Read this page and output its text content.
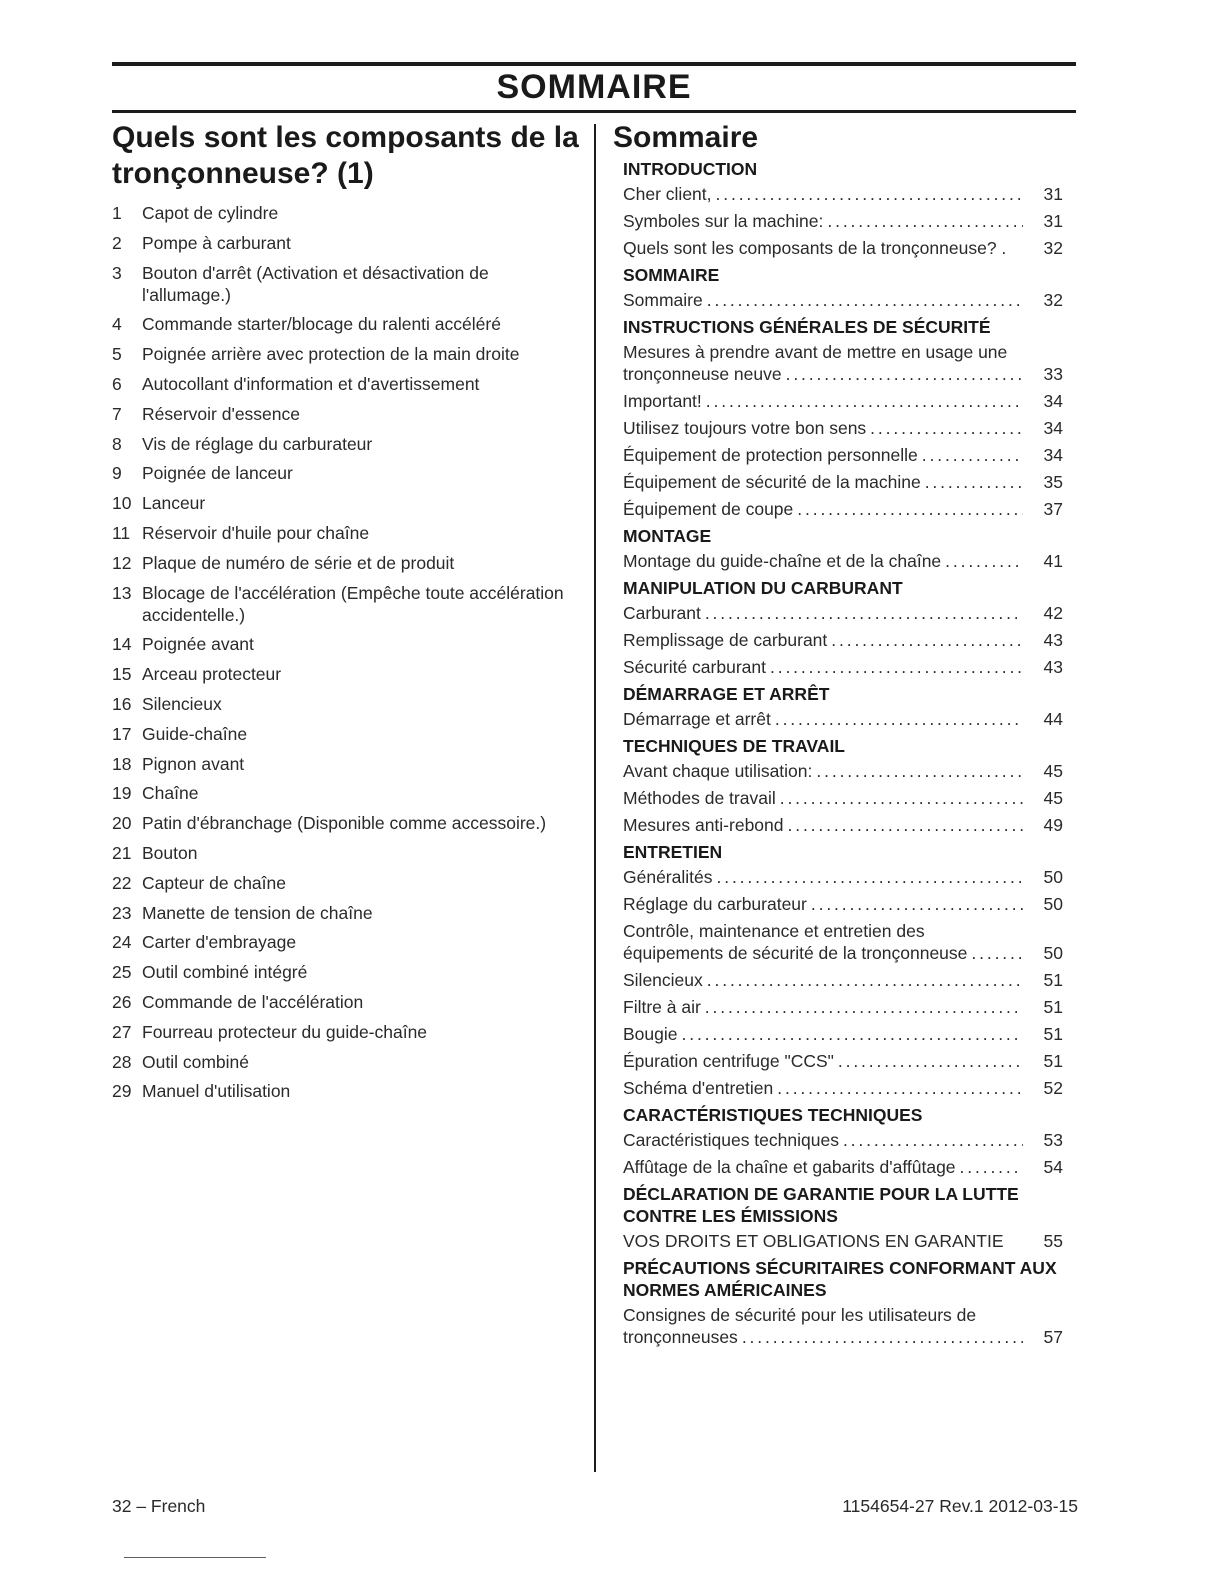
SOMMAIRE
Quels sont les composants de la tronçonneuse? (1)
1	Capot de cylindre
2	Pompe à carburant
3	Bouton d'arrêt (Activation et désactivation de l'allumage.)
4	Commande starter/blocage du ralenti accéléré
5	Poignée arrière avec protection de la main droite
6	Autocollant d'information et d'avertissement
7	Réservoir d'essence
8	Vis de réglage du carburateur
9	Poignée de lanceur
10 Lanceur
11 Réservoir d'huile pour chaîne
12 Plaque de numéro de série et de produit
13 Blocage de l'accélération (Empêche toute accélération accidentelle.)
14 Poignée avant
15 Arceau protecteur
16 Silencieux
17 Guide-chaîne
18 Pignon avant
19 Chaîne
20 Patin d'ébranchage (Disponible comme accessoire.)
21 Bouton
22 Capteur de chaîne
23 Manette de tension de chaîne
24 Carter d'embrayage
25 Outil combiné intégré
26 Commande de l'accélération
27 Fourreau protecteur du guide-chaîne
28 Outil combiné
29 Manuel d'utilisation
Sommaire
INTRODUCTION
Cher client, . . .	31
Symboles sur la machine: . . .	31
Quels sont les composants de la tronçonneuse? .	32
SOMMAIRE
Sommaire . . .	32
INSTRUCTIONS GÉNÉRALES DE SÉCURITÉ
Mesures à prendre avant de mettre en usage une
tronçonneuse neuve . . .	33
Important! . . .	34
Utilisez toujours votre bon sens . . .	34
Équipement de protection personnelle . . .	34
Équipement de sécurité de la machine . . .	35
Équipement de coupe . . .	37
MONTAGE
Montage du guide-chaîne et de la chaîne . . .	41
MANIPULATION DU CARBURANT
Carburant . . .	42
Remplissage de carburant . . .	43
Sécurité carburant . . .	43
DÉMARRAGE ET ARRÊT
Démarrage et arrêt . . .	44
TECHNIQUES DE TRAVAIL
Avant chaque utilisation: . . .	45
Méthodes de travail . . .	45
Mesures anti-rebond . . .	49
ENTRETIEN
Généralités . . .	50
Réglage du carburateur . . .	50
Contrôle, maintenance et entretien des
équipements de sécurité de la tronçonneuse . . .	50
Silencieux . . .	51
Filtre à air . . .	51
Bougie . . .	51
Épuration centrifuge "CCS" . . .	51
Schéma d'entretien . . .	52
CARACTÉRISTIQUES TECHNIQUES
Caractéristiques techniques . . .	53
Affûtage de la chaîne et gabarits d'affûtage . . .	54
DÉCLARATION DE GARANTIE POUR LA LUTTE CONTRE LES ÉMISSIONS
VOS DROITS ET OBLIGATIONS EN GARANTIE	55
PRÉCAUTIONS SÉCURITAIRES CONFORMANT AUX NORMES AMÉRICAINES
Consignes de sécurité pour les utilisateurs de
tronçonneuses . . .	57
32 – French	1154654-27 Rev.1 2012-03-15
